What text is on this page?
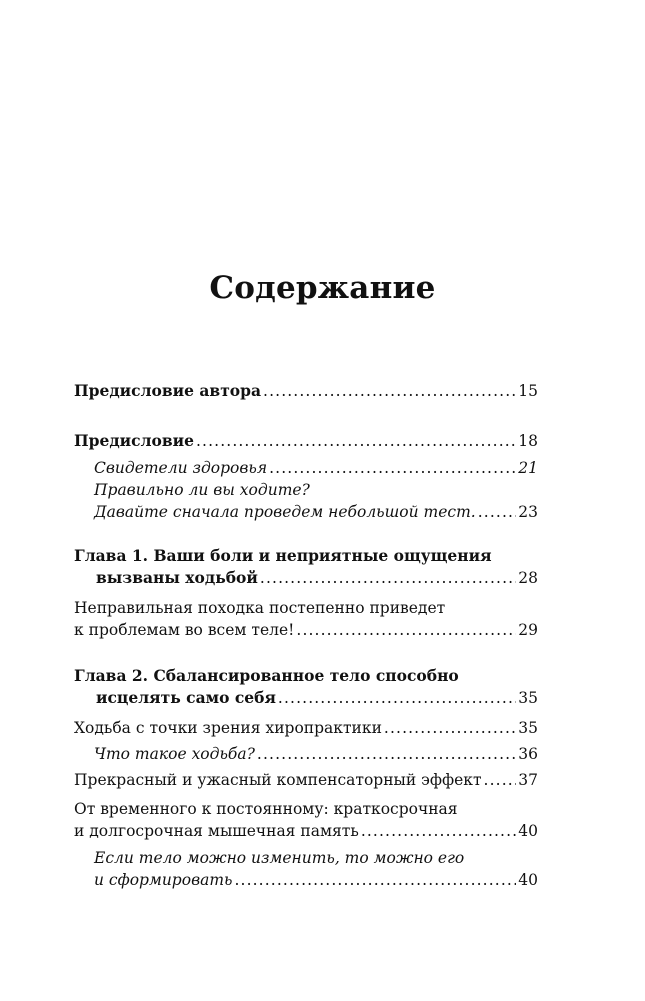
Содержание
Предисловие автора . . .	15
Предисловие . . .	18
Свидетели здоровья . . .	21
Правильно ли вы ходите?
Давайте сначала проведем небольшой тест. . . .	23
Глава 1. Ваши боли и неприятные ощущения
вызваны ходьбой . . .	28
Неправильная походка постепенно приведет
к проблемам во всем теле! . . .	29
Глава 2. Сбалансированное тело способно
исцелять само себя . . .	35
Ходьба с точки зрения хиропрактики . . .	35
Что такое ходьба? . . .	36
Прекрасный и ужасный компенсаторный эффект . . . 37
От временного к постоянному: краткосрочная
и долгосрочная мышечная память . . .	40
Если тело можно изменить, то можно его
и сформировать . . .	40
